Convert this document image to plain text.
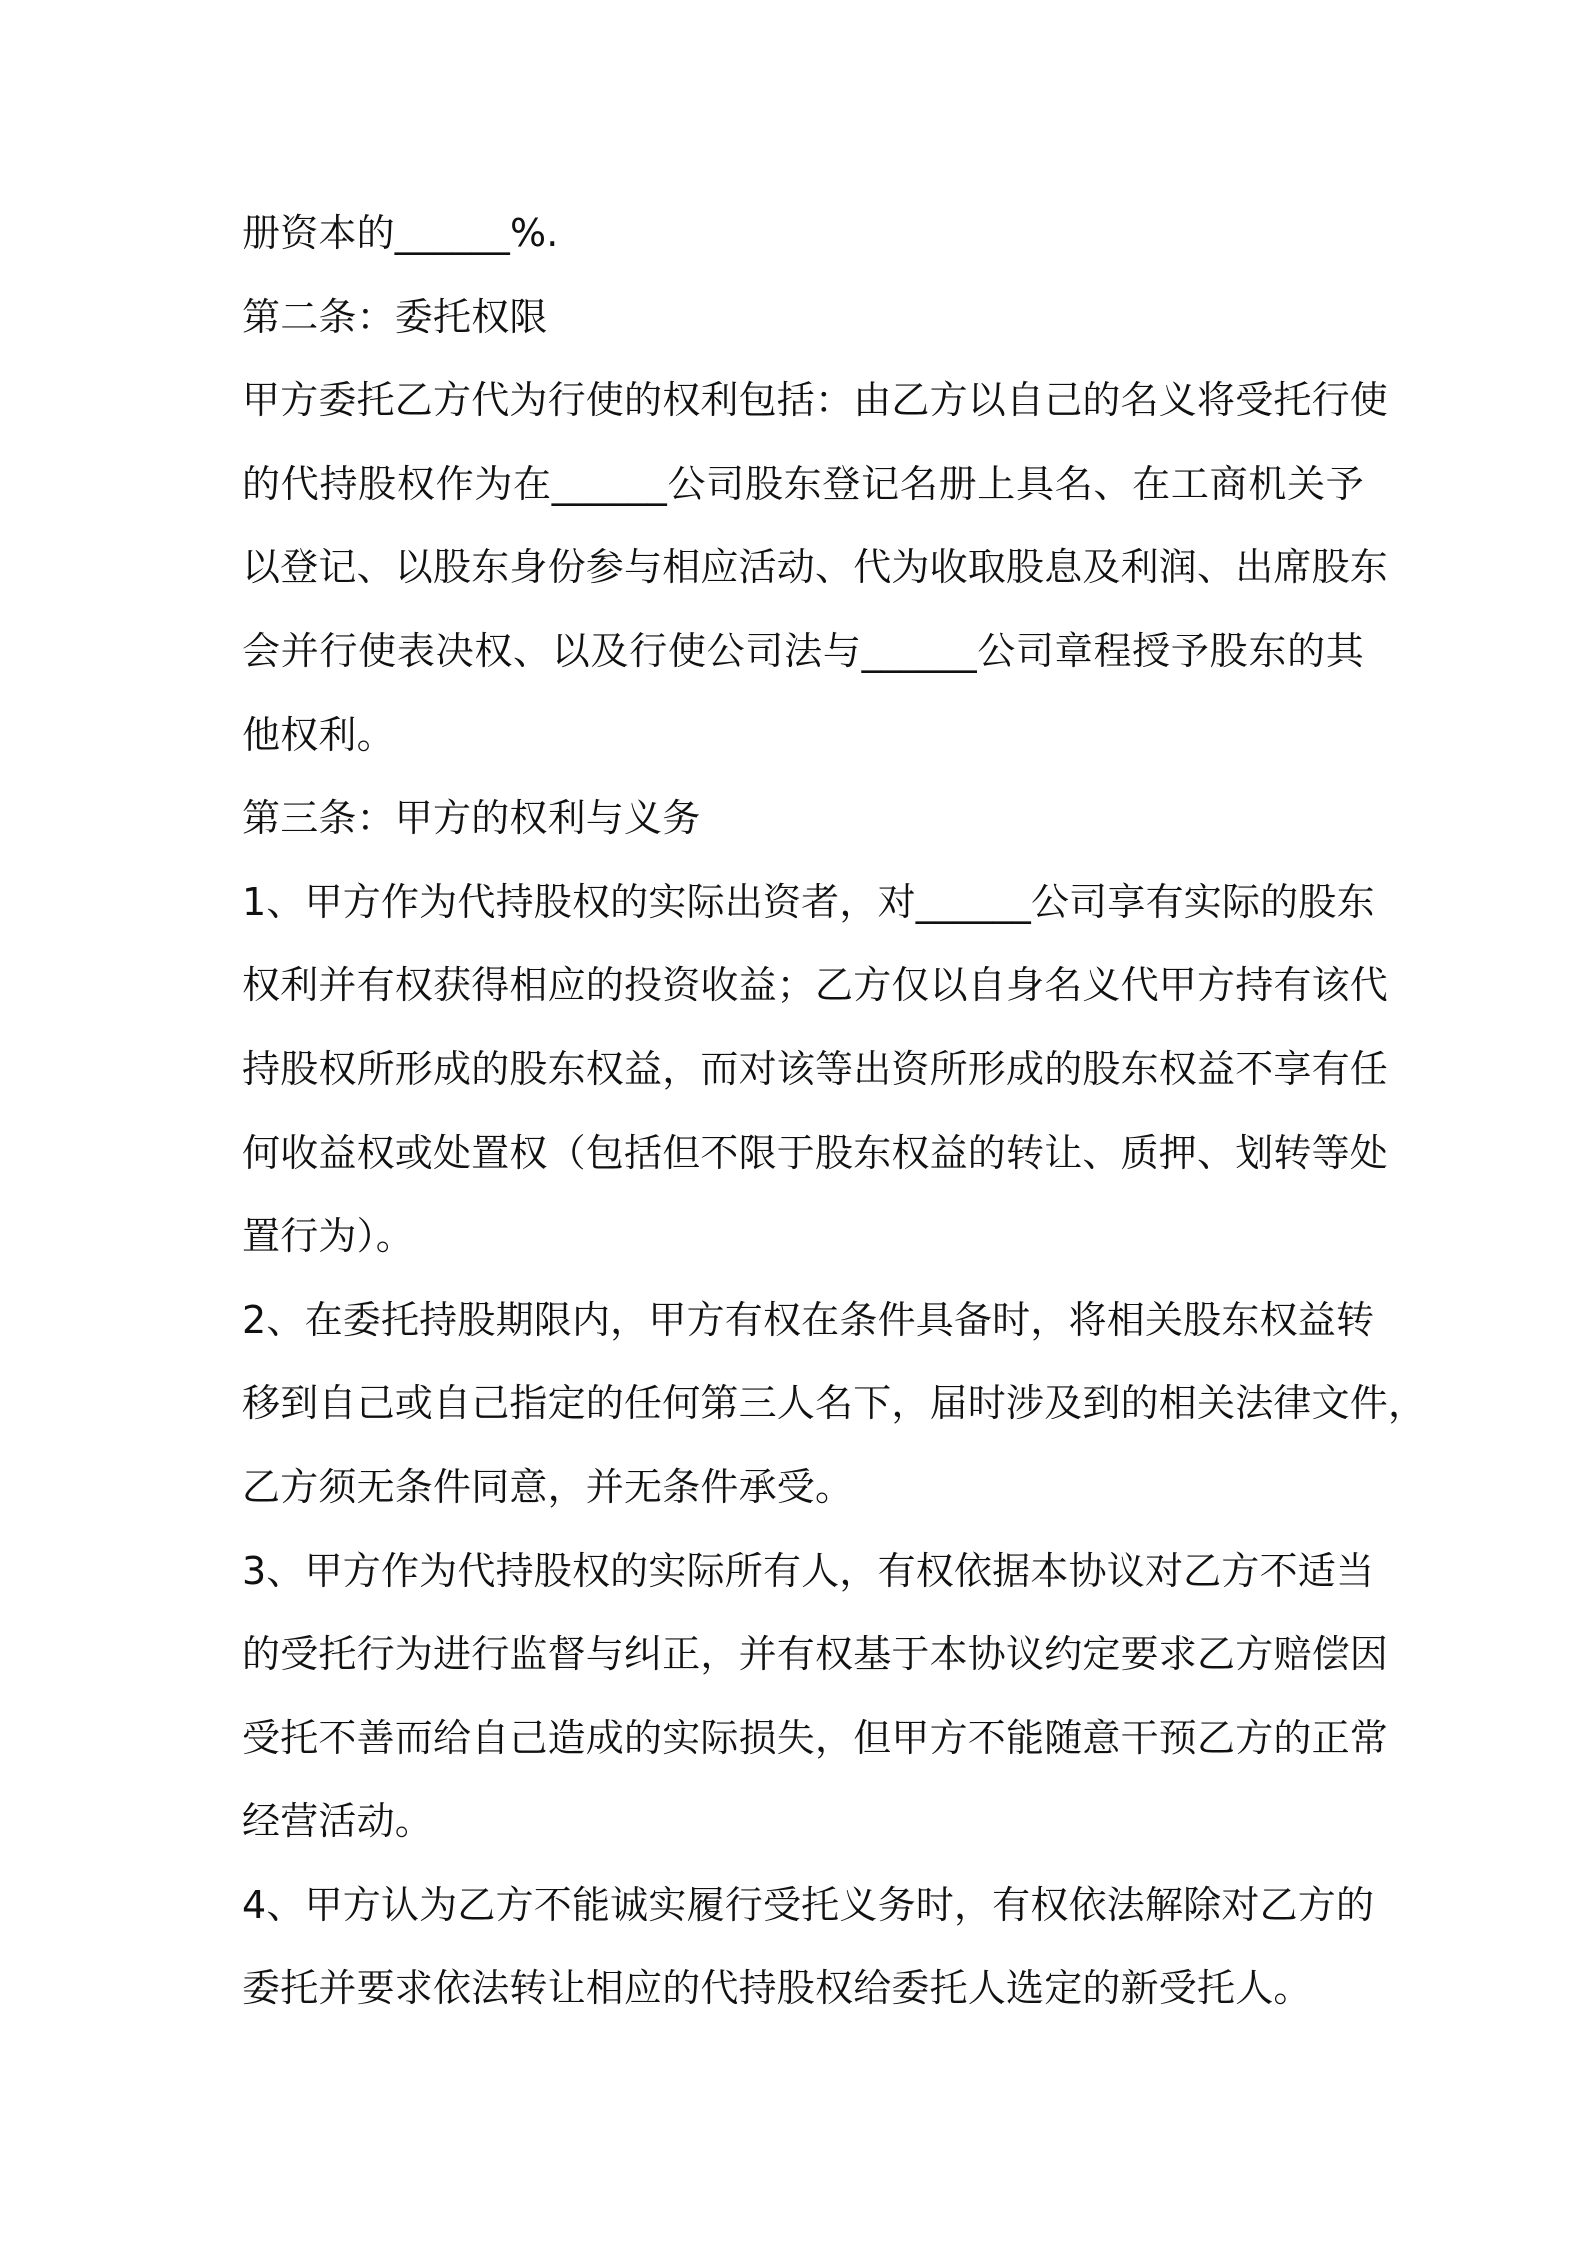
册资本的______%.
第二条：委托权限
甲方委托乙方代为行使的权利包括：由乙方以自己的名义将受托行使
的代持股权作为在______公司股东登记名册上具名、在工商机关予
以登记、以股东身份参与相应活动、代为收取股息及利润、出席股东
会并行使表决权、以及行使公司法与______公司章程授予股东的其
他权利。
第三条：甲方的权利与义务
1、甲方作为代持股权的实际出资者，对______公司享有实际的股东
权利并有权获得相应的投资收益；乙方仅以自身名义代甲方持有该代
持股权所形成的股东权益，而对该等出资所形成的股东权益不享有任
何收益权或处置权（包括但不限于股东权益的转让、质押、划转等处
置行为）。
2、在委托持股期限内，甲方有权在条件具备时，将相关股东权益转
移到自己或自己指定的任何第三人名下，届时涉及到的相关法律文件，
乙方须无条件同意，并无条件承受。
3、甲方作为代持股权的实际所有人，有权依据本协议对乙方不适当
的受托行为进行监督与纠正，并有权基于本协议约定要求乙方赔偿因
受托不善而给自己造成的实际损失，但甲方不能随意干预乙方的正常
经营活动。
4、甲方认为乙方不能诚实履行受托义务时，有权依法解除对乙方的
委托并要求依法转让相应的代持股权给委托人选定的新受托人。
